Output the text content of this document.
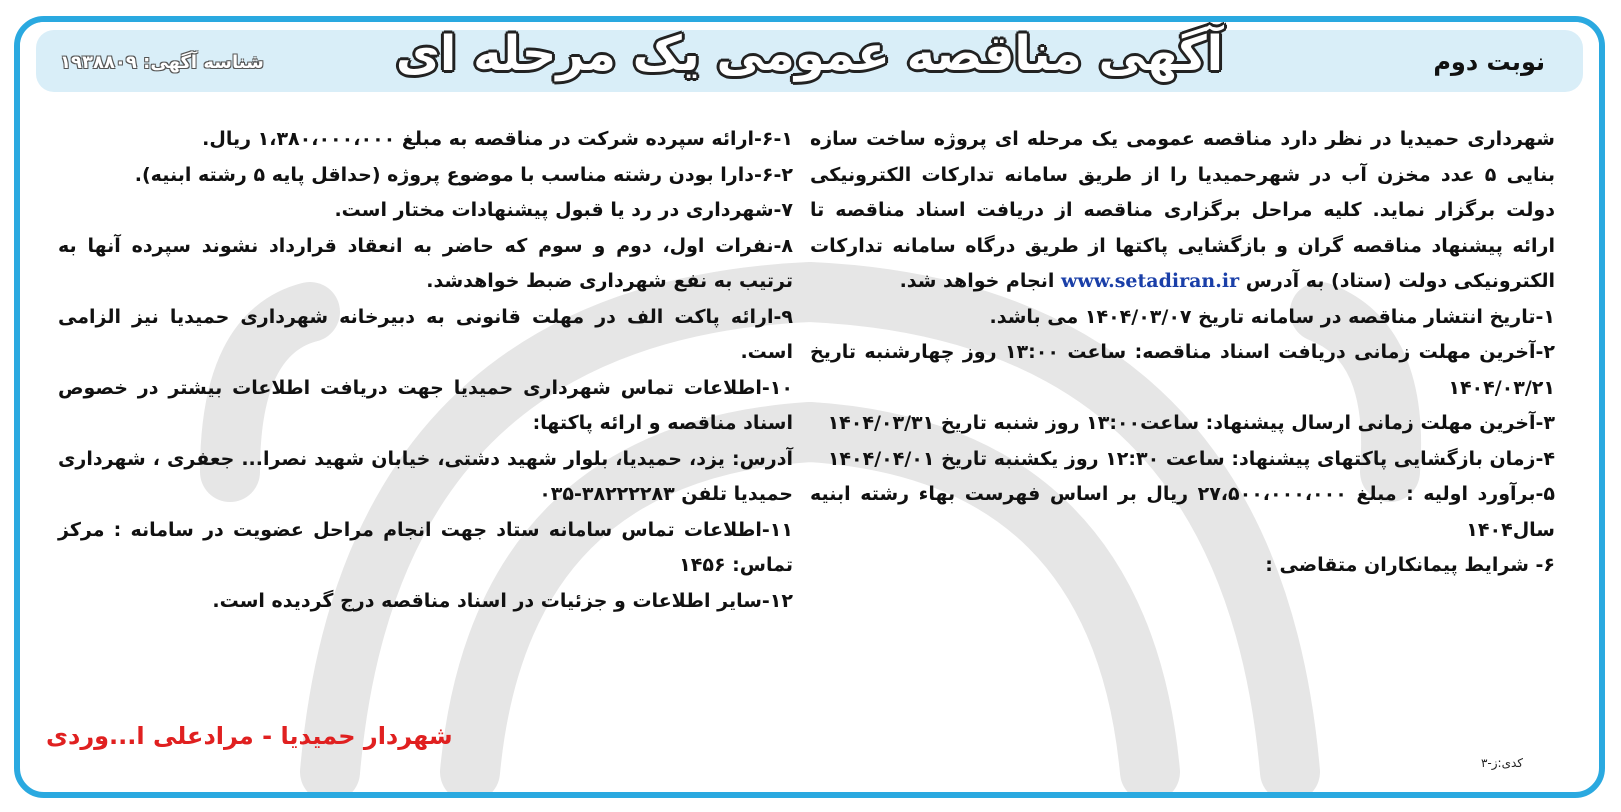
نوبت دوم
آگهی مناقصه عمومی یک مرحله ای
شناسه آگهی: ۱۹۳۸۸۰۹

شهرداری حمیدیا در نظر دارد مناقصه عمومی یک مرحله ای پروژه ساخت سازه بنایی ۵ عدد مخزن آب در شهرحمیدیا را از طریق سامانه تدارکات الکترونیکی دولت برگزار نماید. کلیه مراحل برگزاری مناقصه از دریافت اسناد مناقصه تا ارائه پیشنهاد مناقصه گران و بازگشایی پاکتها از طریق درگاه سامانه تدارکات الکترونیکی دولت (ستاد) به آدرس www.setadiran.ir انجام خواهد شد.

۱-تاریخ انتشار مناقصه در سامانه تاریخ ۱۴۰۴/۰۳/۰۷ می باشد.

۲-آخرین مهلت زمانی دریافت اسناد مناقصه: ساعت ۱۳:۰۰ روز چهارشنبه تاریخ ۱۴۰۴/۰۳/۲۱

۳-آخرین مهلت زمانی ارسال پیشنهاد: ساعت۱۳:۰۰ روز شنبه تاریخ ۱۴۰۴/۰۳/۳۱

۴-زمان بازگشایی پاکتهای پیشنهاد: ساعت ۱۲:۳۰ روز یکشنبه تاریخ ۱۴۰۴/۰۴/۰۱

۵-برآورد اولیه : مبلغ ۲۷،۵۰۰،۰۰۰،۰۰۰ ریال بر اساس فهرست بهاء رشته ابنیه سال۱۴۰۴

۶- شرایط پیمانکاران متقاضی :

۶-۱-ارائه سپرده شرکت در مناقصه به مبلغ ۱،۳۸۰،۰۰۰،۰۰۰ ریال.

۶-۲-دارا بودن رشته مناسب با موضوع پروژه (حداقل پایه ۵ رشته ابنیه).

۷-شهرداری در رد یا قبول پیشنهادات مختار است.

۸-نفرات اول، دوم و سوم که حاضر به انعقاد قرارداد نشوند سپرده آنها به ترتیب به نفع شهرداری ضبط خواهدشد.

۹-ارائه پاکت الف در مهلت قانونی به دبیرخانه شهرداری حمیدیا نیز الزامی است.

۱۰-اطلاعات تماس شهرداری حمیدیا جهت دریافت اطلاعات بیشتر در خصوص اسناد مناقصه و ارائه پاکتها:

آدرس: یزد، حمیدیا، بلوار شهید دشتی، خیابان شهید نصرا... جعفری ، شهرداری حمیدیا تلفن ۳۸۲۲۲۲۸۳-۰۳۵

۱۱-اطلاعات تماس سامانه ستاد جهت انجام مراحل عضویت در سامانه : مرکز تماس: ۱۴۵۶

۱۲-سایر اطلاعات و جزئیات در اسناد مناقصه درج گردیده است.

شهردار حمیدیا - مرادعلی ا...وردی
کدی:ز-۳
